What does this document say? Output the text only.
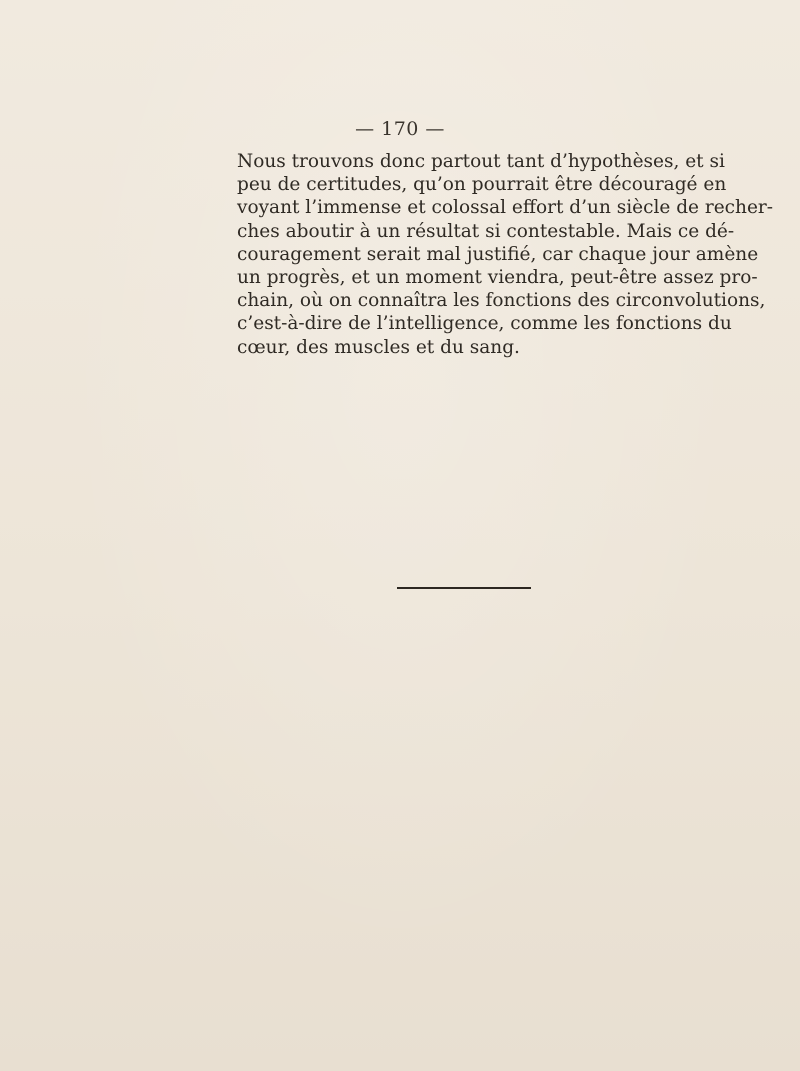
— 170 —
Nous trouvons donc partout tant d’hypothèses, et si
peu de certitudes, qu’on pourrait être découragé en
voyant l’immense et colossal effort d’un siècle de recher-
ches aboutir à un résultat si contestable. Mais ce dé-
couragement serait mal justifié, car chaque jour amène
un progrès, et un moment viendra, peut-être assez pro-
chain, où on connaîtra les fonctions des circonvolutions,
c’est-à-dire de l’intelligence, comme les fonctions du
cœur, des muscles et du sang.
